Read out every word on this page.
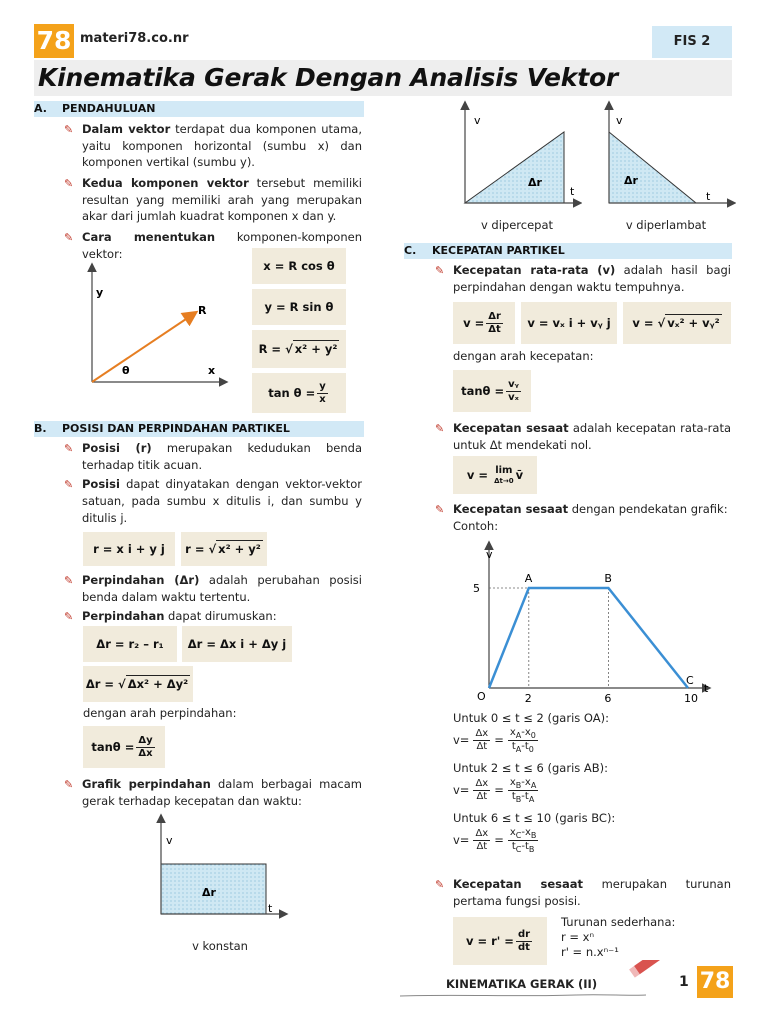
78 materi78.co.nr	FIS 2
Kinematika Gerak Dengan Analisis Vektor
A. PENDAHULUAN
✎ Dalam vektor terdapat dua komponen utama, yaitu komponen horizontal (sumbu x) dan komponen vertikal (sumbu y).
✎ Kedua komponen vektor tersebut memiliki resultan yang memiliki arah yang merupakan akar dari jumlah kuadrat komponen x dan y.
✎ Cara menentukan komponen-komponen vektor:
y
x
R
θ
x = R cos θ
y = R sin θ
R = √ x² + y²
$\tan \theta = \frac{y}{x}$
B. POSISI DAN PERPINDAHAN PARTIKEL
✎ Posisi (r) merupakan kedudukan benda terhadap titik acuan.
✎ Posisi dapat dinyatakan dengan vektor-vektor satuan, pada sumbu x ditulis i, dan sumbu y ditulis j.
r = x i + y j r = √ x² + y²
✎ Perpindahan (Δr) adalah perubahan posisi benda dalam waktu tertentu.
✎ Perpindahan dapat dirumuskan:
Δr = r₂ – r₁ Δr = Δx i + Δy j
Δr = √ Δx² + Δy²
dengan arah perpindahan:
$\tan\theta = \frac{\Delta y}{\Delta x}$
✎ Grafik perpindahan dalam berbagai macam gerak terhadap kecepatan dan waktu:
v
t
Δr
v konstan
v
t
Δr
v dipercepat
v
t
Δr
v diperlambat
C. KECEPATAN PARTIKEL
✎ Kecepatan rata-rata (v) adalah hasil bagi perpindahan dengan waktu tempuhnya.
$v = \frac{\Delta r}{\Delta t}$ v = vₓ i + vᵧ j v = √ vₓ² + vᵧ²
dengan arah kecepatan:
$\tan\theta = \frac{\text{vᵧ}}{\text{vₓ}}$
✎ Kecepatan sesaat adalah kecepatan rata-rata untuk Δt mendekati nol.
v =
lim
Δt→0 v̄
✎ Kecepatan sesaat dengan pendekatan grafik:
Contoh:
v
t
O
A	B
C
2	6	10
5
Untuk 0 ≤ t ≤ 2 (garis OA):
$v= \frac{\Delta x}{\Delta t} = \frac{x_A-x_0}{t_A-t_0}$
Untuk 2 ≤ t ≤ 6 (garis AB):
$v= \frac{\Delta x}{\Delta t} = \frac{x_B-x_A}{t_B-t_A}$
Untuk 6 ≤ t ≤ 10 (garis BC):
$v= \frac{\Delta x}{\Delta t} = \frac{x_C-x_B}{t_C-t_B}$
✎ Kecepatan sesaat merupakan turunan pertama fungsi posisi.
$v = r' = \frac{dr}{dt}$
Turunan sederhana:
r = xⁿ
r' = n.xⁿ⁻¹
KINEMATIKA GERAK (II)	1 78
